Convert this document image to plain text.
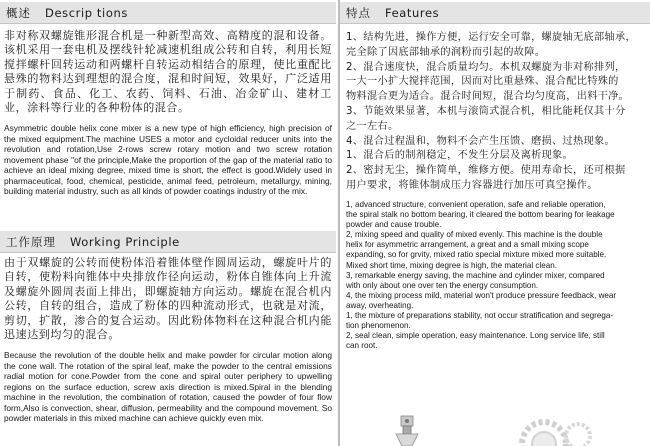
概述 Descrip tions

非对称双螺旋锥形混合机是一种新型高效、高精度的混和设备。该机采用一套电机及摆线针轮减速机组成公转和自转，利用长短搅拌螺杆回转运动和两螺杆自转运动相结合的原理，使比重配比悬殊的物料达到理想的混合度，混和时间短，效果好，广泛适用于制药、食品、化工、农药、饲料、石油、冶金矿山、建材工业，涂料等行业的各种粉体的混合。

Asymmetric double helix cone mixer is a new type of high efficiency, high precision of the mixed equipment.The machine USES a motor and cycloidal reducer units into the revolution and rotation,Use 2-rows screw rotary motion and two screw rotation movement phase "of the principle,Make the proportion of the gap of the material ratio to achieve an ideal mixing degree, mixed time is short, the effect is good.Widely used in pharmaceutical, food, chemical, pesticide, animal feed, petroleum, metallurgy, mining, building material industry, such as all kinds of powder coatings industry of the mix.

工作原理 Working Principle

由于双螺旋的公转而使粉体沿着锥体壁作圆周运动，螺旋叶片的自转，使粉料向锥体中央排放作径向运动，粉体自锥体向上升流及螺旋外圆周表面上排出，即螺旋轴方向运动。螺旋在混合机内公转，自转的组合，造成了粉体的四种流动形式，也就是对流，剪切，扩散，渗合的复合运动。因此粉体物料在这种混合机内能迅速达到均匀的混合。

Because the revolution of the double helix and make powder for circular motion along the cone wall. The rotation of the spiral leaf, make the powder to the central emissions radial motion for cone.Powder from the cone and spiral outer periphery to upwelling regions on the surface eduction, screw axis direction is mixed.Spiral in the blending machine in the revolution, the combination of rotation, caused the powder of four flow form,Also is convection, shear, diffusion, permeability and the compound movement. So powder materials in this mixed machine can achieve quickly even mix.

特点 Features
1、结构先进，操作方便，运行安全可靠，螺旋轴无底部轴承，
完全除了因底部轴承的润粉而引起的故障。
2、混合速度快，混合质量均匀。本机双螺旋为非对称排列，
一大一小扩大搅拌范围，因而对比重悬殊、混合配比特殊的
物料混合更为适合。混合时间短，混合均匀度高，出料干净。
3、节能效果显著，本机与滚筒式混合机，相比能耗仅其十分
之一左右。
4、混合过程温和，物料不会产生压馈、磨损、过热现象。
1、混合后的制剂稳定，不发生分层及离析现象。
2、密封无尘，操作简单，维修方便。使用寿命长，还可根据
用户要求，将锥体制成压力容器进行加压可真空操作。
1, advanced structure, convenient operation, safe and reliable operation,
the spiral stalk no bottom bearing, it cleared the bottom bearing for leakage
powder and cause trouble.
2, mixing speed and quality of mixed evenly. This machine is the double
helix for asymmetric arrangement, a great and a small mixing scope
expanding, so for grvity, mixed ratio special mixture mixed more suitable.
Mixed short time, mixing degree is high, the material clean.
3, remarkable energy saving, the machine and cylinder mixer, compared
with only about one over ten the energy consumption.
4, the mixing process mild, material won't produce pressure feedback, wear
away, overheating.
1, the mixture of preparations stability, not occur stratification and segrega-
tion phenomenon.
2, seal clean, simple operation, easy maintenance. Long service life, still
can root.
